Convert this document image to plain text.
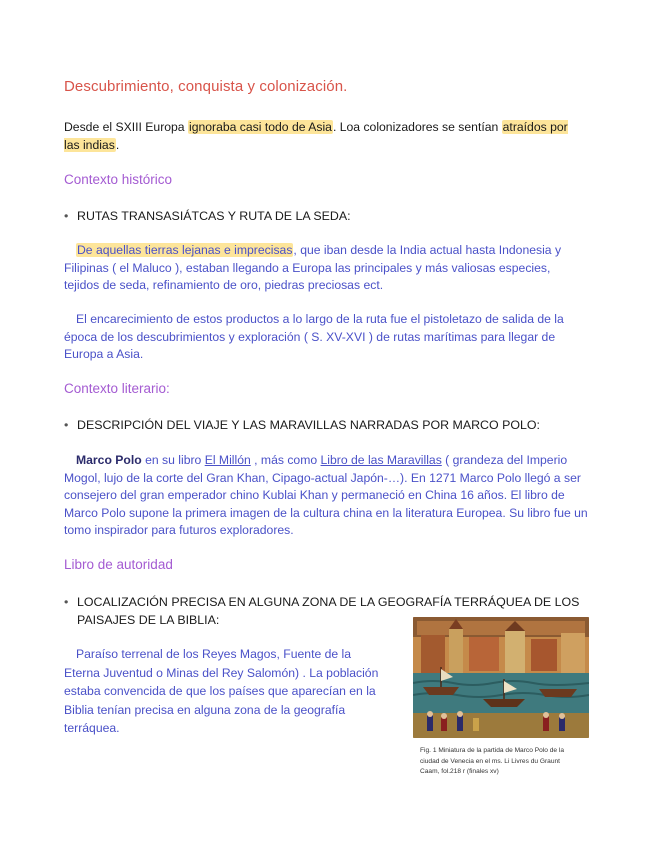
Descubrimiento, conquista y colonización.
Desde el SXIII Europa ignoraba casi todo de Asia. Loa colonizadores se sentían atraídos por las indias.
Contexto histórico
• RUTAS TRANSASIÁTCAS Y RUTA DE LA SEDA:
De aquellas tierras lejanas e imprecisas, que iban desde la India actual hasta Indonesia y Filipinas ( el Maluco ), estaban llegando a Europa las principales y más valiosas especies, tejidos de seda, refinamiento de oro, piedras preciosas ect.
El encarecimiento de estos productos a lo largo de la ruta fue el pistoletazo de salida de la época de los descubrimientos y exploración ( S. XV-XVI ) de rutas marítimas para llegar de Europa a Asia.
Contexto literario:
• DESCRIPCIÓN DEL VIAJE Y LAS MARAVILLAS NARRADAS POR MARCO POLO:
Marco Polo en su libro El Millón , más como Libro de las Maravillas ( grandeza del Imperio Mogol, lujo de la corte del Gran Khan, Cipago-actual Japón-…). En 1271 Marco Polo llegó a ser consejero del gran emperador chino Kublai Khan y permaneció en China 16 años. El libro de Marco Polo supone la primera imagen de la cultura china en la literatura Europea. Su libro fue un tomo inspirador para futuros exploradores.
Libro de autoridad
• LOCALIZACIÓN PRECISA EN ALGUNA ZONA DE LA GEOGRAFÍA TERRÁQUEA DE LOS PAISAJES DE LA BIBLIA:
Paraíso terrenal de los Reyes Magos, Fuente de la Eterna Juventud o Minas del Rey Salomón) . La población estaba convencida de que los países que aparecían en la Biblia tenían precisa en alguna zona de la geografía terráquea.
Fig. 1 Miniatura de la partida de Marco Polo de la ciudad de Venecia en el ms. Li Livres du Graunt Caam, fol.218 r (finales xv)
